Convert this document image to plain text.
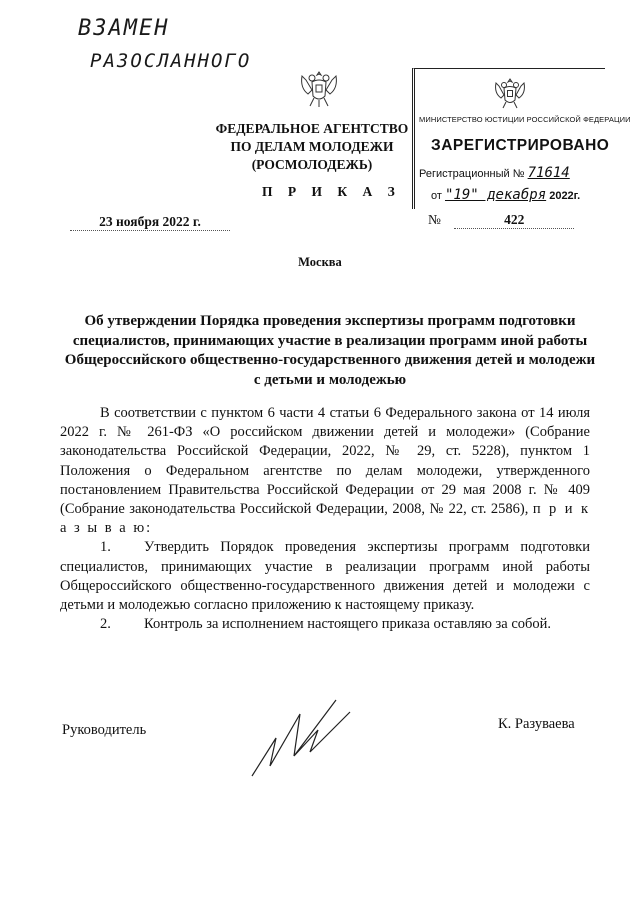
ВЗАМЕН
РАЗОСЛАННОГО
ФЕДЕРАЛЬНОЕ АГЕНТСТВО
ПО ДЕЛАМ МОЛОДЕЖИ
(РОСМОЛОДЕЖЬ)
П Р И К А З
МИНИСТЕРСТВО ЮСТИЦИИ РОССИЙСКОЙ ФЕДЕРАЦИИ
ЗАРЕГИСТРИРОВАНО
Регистрационный № 71614
от "19" декабря 2022г.
23 ноября 2022 г.	№	422
Москва
Об утверждении Порядка проведения экспертизы программ подготовки специалистов, принимающих участие в реализации программ иной работы Общероссийского общественно-государственного движения детей и молодежи с детьми и молодежью

В соответствии с пунктом 6 части 4 статьи 6 Федерального закона от 14 июля 2022 г. № 261-ФЗ «О российском движении детей и молодежи» (Собрание законодательства Российской Федерации, 2022, № 29, ст. 5228), пунктом 1 Положения о Федеральном агентстве по делам молодежи, утвержденного постановлением Правительства Российской Федерации от 29 мая 2008 г. № 409 (Собрание законодательства Российской Федерации, 2008, № 22, ст. 2586), п р и к а з ы в а ю:

1. Утвердить Порядок проведения экспертизы программ подготовки специалистов, принимающих участие в реализации программ иной работы Общероссийского общественно-государственного движения детей и молодежи с детьми и молодежью согласно приложению к настоящему приказу.

2. Контроль за исполнением настоящего приказа оставляю за собой.

Руководитель	К. Разуваева
